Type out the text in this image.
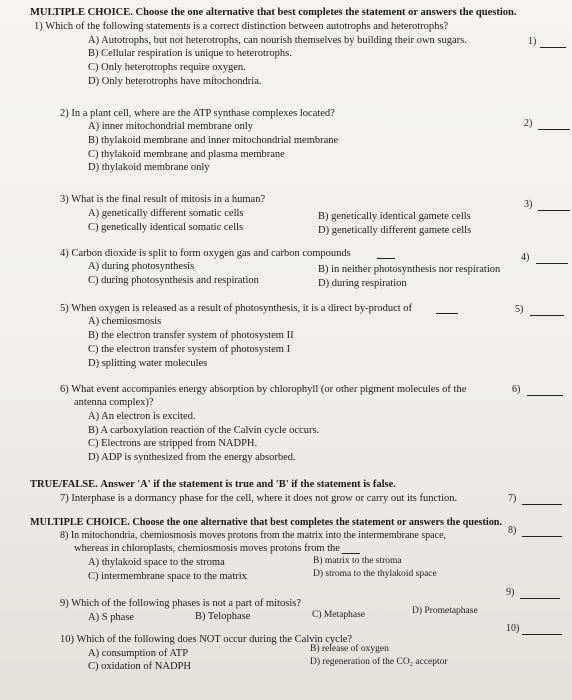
MULTIPLE CHOICE. Choose the one alternative that best completes the statement or answers the question.
1) Which of the following statements is a correct distinction between autotrophs and heterotrophs?
A) Autotrophs, but not heterotrophs, can nourish themselves by building their own sugars.
B) Cellular respiration is unique to heterotrophs.
C) Only heterotrophs require oxygen.
D) Only heterotrophs have mitochondria.
1)
2) In a plant cell, where are the ATP synthase complexes located?
A) inner mitochondrial membrane only
B) thylakoid membrane and inner mitochondrial membrane
C) thylakoid membrane and plasma membrane
D) thylakoid membrane only
2)
3) What is the final result of mitosis in a human?
A) genetically different somatic cells	B) genetically identical gamete cells
C) genetically identical somatic cells	D) genetically different gamete cells
3)
4) Carbon dioxide is split to form oxygen gas and carbon compounds
A) during photosynthesis	B) in neither photosynthesis nor respiration
C) during photosynthesis and respiration	D) during respiration
4)
5) When oxygen is released as a result of photosynthesis, it is a direct by-product of
A) chemiosmosis
B) the electron transfer system of photosystem II
C) the electron transfer system of photosystem I
D) splitting water molecules
5)
6) What event accompanies energy absorption by chlorophyll (or other pigment molecules of the
antenna complex)?
A) An electron is excited.
B) A carboxylation reaction of the Calvin cycle occurs.
C) Electrons are stripped from NADPH.
D) ADP is synthesized from the energy absorbed.
6)
TRUE/FALSE. Answer 'A' if the statement is true and 'B' if the statement is false.
7) Interphase is a dormancy phase for the cell, where it does not grow or carry out its function.	7)
MULTIPLE CHOICE. Choose the one alternative that best completes the statement or answers the question.
8) In mitochondria, chemiosmosis moves protons from the matrix into the intermembrane space,
whereas in chloroplasts, chemiosmosis moves protons from the
A) thylakoid space to the stroma	B) matrix to the stroma
C) intermembrane space to the matrix	D) stroma to the thylakoid space
8)
9) Which of the following phases is not a part of mitosis?
A) S phase	B) Telophase	C) Metaphase	D) Prometaphase
9)
10) Which of the following does NOT occur during the Calvin cycle?
A) consumption of ATP	B) release of oxygen
C) oxidation of NADPH	D) regeneration of the CO₂ acceptor
10)
